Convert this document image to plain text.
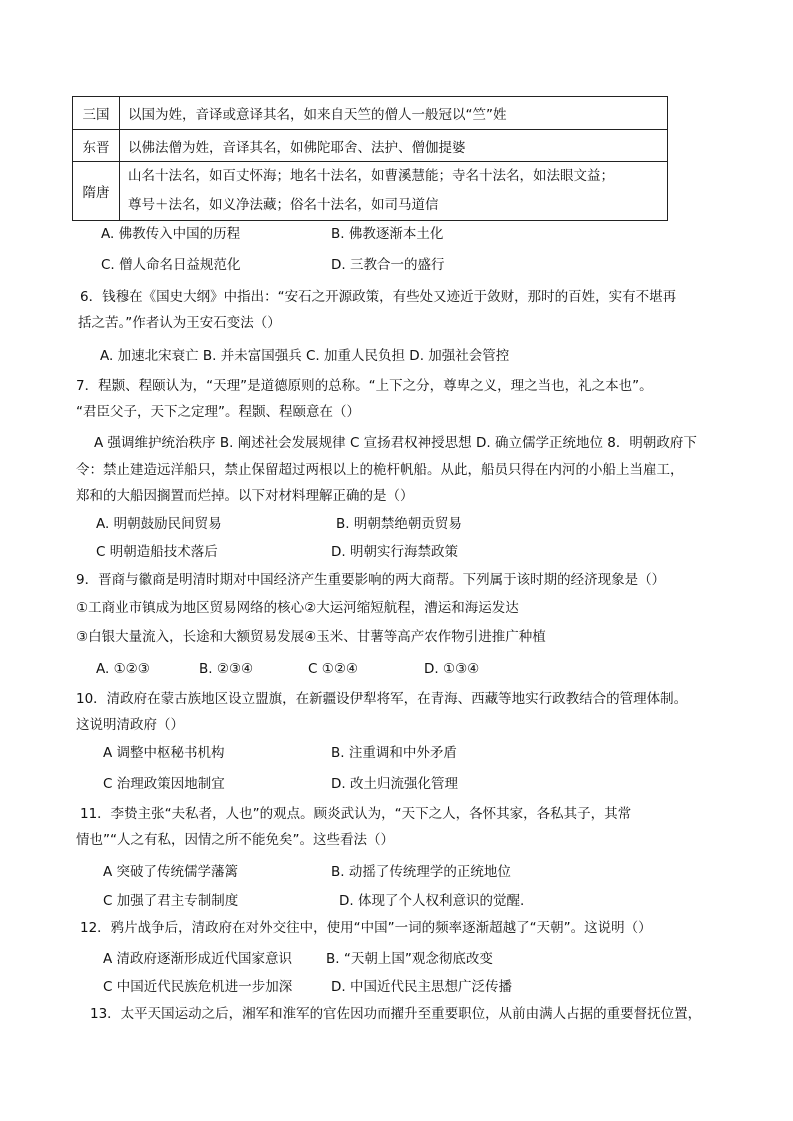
三国	以国为姓，音译或意译其名，如来自天竺的僧人一般冠以“竺”姓
东晋	以佛法僧为姓，音译其名，如佛陀耶舍、法护、僧伽提婆
隋唐	山名十法名，如百丈怀海；地名十法名，如曹溪慧能；寺名十法名，如法眼文益；
尊号＋法名，如义净法藏；俗名十法名，如司马道信
A. 佛教传入中国的历程	B. 佛教逐渐本土化
C. 僧人命名日益规范化	D. 三教合一的盛行
6．钱穆在《国史大纲》中指出：“安石之开源政策，有些处又迹近于敛财，那时的百姓，实有不堪再
括之苦。”作者认为王安石变法（）
A. 加速北宋衰亡 B. 并未富国强兵 C. 加重人民负担 D. 加强社会管控
7．程颢、程颐认为，“天理”是道德原则的总称。“上下之分，尊卑之义，理之当也，礼之本也”。
“君臣父子，天下之定理”。程颢、程颐意在（）
A 强调维护统治秩序 B. 阐述社会发展规律 C 宣扬君权神授思想 D. 确立儒学正统地位 8．明朝政府下
令：禁止建造远洋船只，禁止保留超过两根以上的桅杆帆船。从此，船员只得在内河的小船上当雇工，
郑和的大船因搁置而烂掉。以下对材料理解正确的是（）
A. 明朝鼓励民间贸易	B. 明朝禁绝朝贡贸易
C 明朝造船技术落后	D. 明朝实行海禁政策
9．晋商与徽商是明清时期对中国经济产生重要影响的两大商帮。下列属于该时期的经济现象是（）
①工商业市镇成为地区贸易网络的核心②大运河缩短航程，漕运和海运发达
③白银大量流入，长途和大额贸易发展④玉米、甘薯等高产农作物引进推广种植
A. ①②③	B. ②③④	C ①②④	D. ①③④
10．清政府在蒙古族地区设立盟旗，在新疆设伊犁将军，在青海、西藏等地实行政教结合的管理体制。
这说明清政府（）
A 调整中枢秘书机构	B. 注重调和中外矛盾
C 治理政策因地制宜	D. 改土归流强化管理
11．李贽主张“夫私者，人也”的观点。顾炎武认为，“天下之人，各怀其家，各私其子，其常
情也”“人之有私，因情之所不能免矣”。这些看法（）
A 突破了传统儒学藩篱	B. 动摇了传统理学的正统地位
C 加强了君主专制制度	D. 体现了个人权利意识的觉醒.
12．鸦片战争后，清政府在对外交往中，使用“中国”一词的频率逐渐超越了“天朝”。这说明（）
A 清政府逐渐形成近代国家意识	B. “天朝上国”观念彻底改变
C 中国近代民族危机进一步加深	D. 中国近代民主思想广泛传播
13．太平天国运动之后，湘军和淮军的官佐因功而擢升至重要职位，从前由满人占据的重要督抚位置，
